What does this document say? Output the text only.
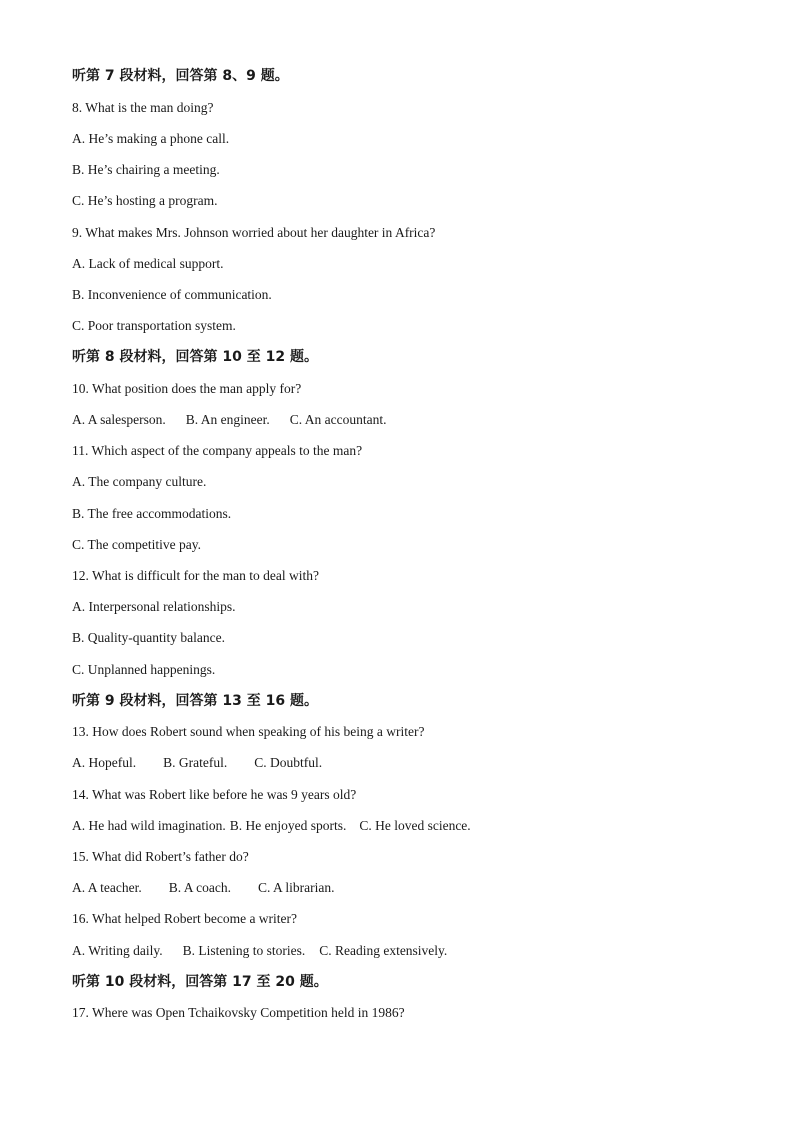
听第 7 段材料，回答第 8、9 题。
8. What is the man doing?
A. He’s making a phone call.
B. He’s chairing a meeting.
C. He’s hosting a program.
9. What makes Mrs. Johnson worried about her daughter in Africa?
A. Lack of medical support.
B. Inconvenience of communication.
C. Poor transportation system.
听第 8 段材料，回答第 10 至 12 题。
10. What position does the man apply for?
A. A salesperson. B. An engineer. C. An accountant.
11. Which aspect of the company appeals to the man?
A. The company culture.
B. The free accommodations.
C. The competitive pay.
12. What is difficult for the man to deal with?
A. Interpersonal relationships.
B. Quality-quantity balance.
C. Unplanned happenings.
听第 9 段材料，回答第 13 至 16 题。
13. How does Robert sound when speaking of his being a writer?
A. Hopeful. B. Grateful. C. Doubtful.
14. What was Robert like before he was 9 years old?
A. He had wild imagination. B. He enjoyed sports. C. He loved science.
15. What did Robert’s father do?
A. A teacher. B. A coach. C. A librarian.
16. What helped Robert become a writer?
A. Writing daily. B. Listening to stories. C. Reading extensively.
听第 10 段材料，回答第 17 至 20 题。
17. Where was Open Tchaikovsky Competition held in 1986?
